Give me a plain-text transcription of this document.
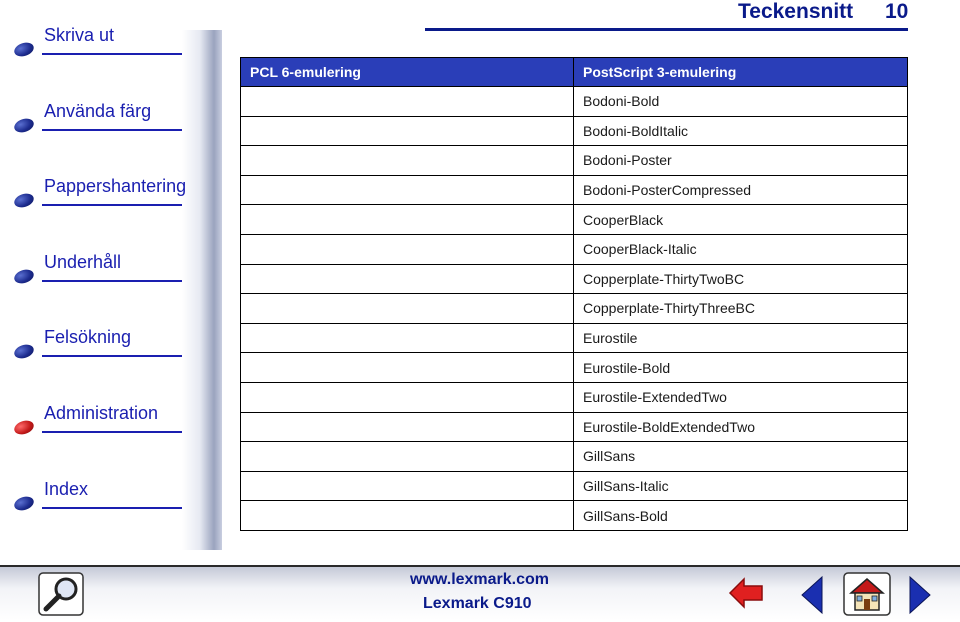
Teckensnitt 10
Skriva ut
Använda färg
Pappershantering
Underhåll
Felsökning
Administration
Index
PCL 6-emulering	PostScript 3-emulering
	Bodoni-Bold
	Bodoni-BoldItalic
	Bodoni-Poster
	Bodoni-PosterCompressed
	CooperBlack
	CooperBlack-Italic
	Copperplate-ThirtyTwoBC
	Copperplate-ThirtyThreeBC
	Eurostile
	Eurostile-Bold
	Eurostile-ExtendedTwo
	Eurostile-BoldExtendedTwo
	GillSans
	GillSans-Italic
	GillSans-Bold
www.lexmark.com
Lexmark C910
